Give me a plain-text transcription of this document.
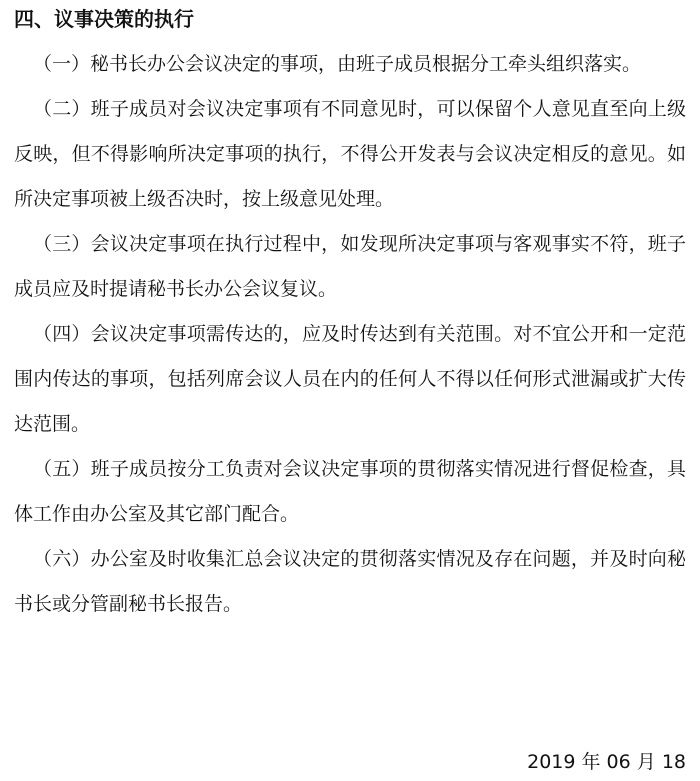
四、议事决策的执行

（一）秘书长办公会议决定的事项，由班子成员根据分工牵头组织落实。

（二）班子成员对会议决定事项有不同意见时，可以保留个人意见直至向上级反映，但不得影响所决定事项的执行，不得公开发表与会议决定相反的意见。如所决定事项被上级否决时，按上级意见处理。

（三）会议决定事项在执行过程中，如发现所决定事项与客观事实不符，班子成员应及时提请秘书长办公会议复议。

（四）会议决定事项需传达的，应及时传达到有关范围。对不宜公开和一定范围内传达的事项，包括列席会议人员在内的任何人不得以任何形式泄漏或扩大传达范围。

（五）班子成员按分工负责对会议决定事项的贯彻落实情况进行督促检查，具体工作由办公室及其它部门配合。

（六）办公室及时收集汇总会议决定的贯彻落实情况及存在问题，并及时向秘书长或分管副秘书长报告。

2019 年 06 月 18
